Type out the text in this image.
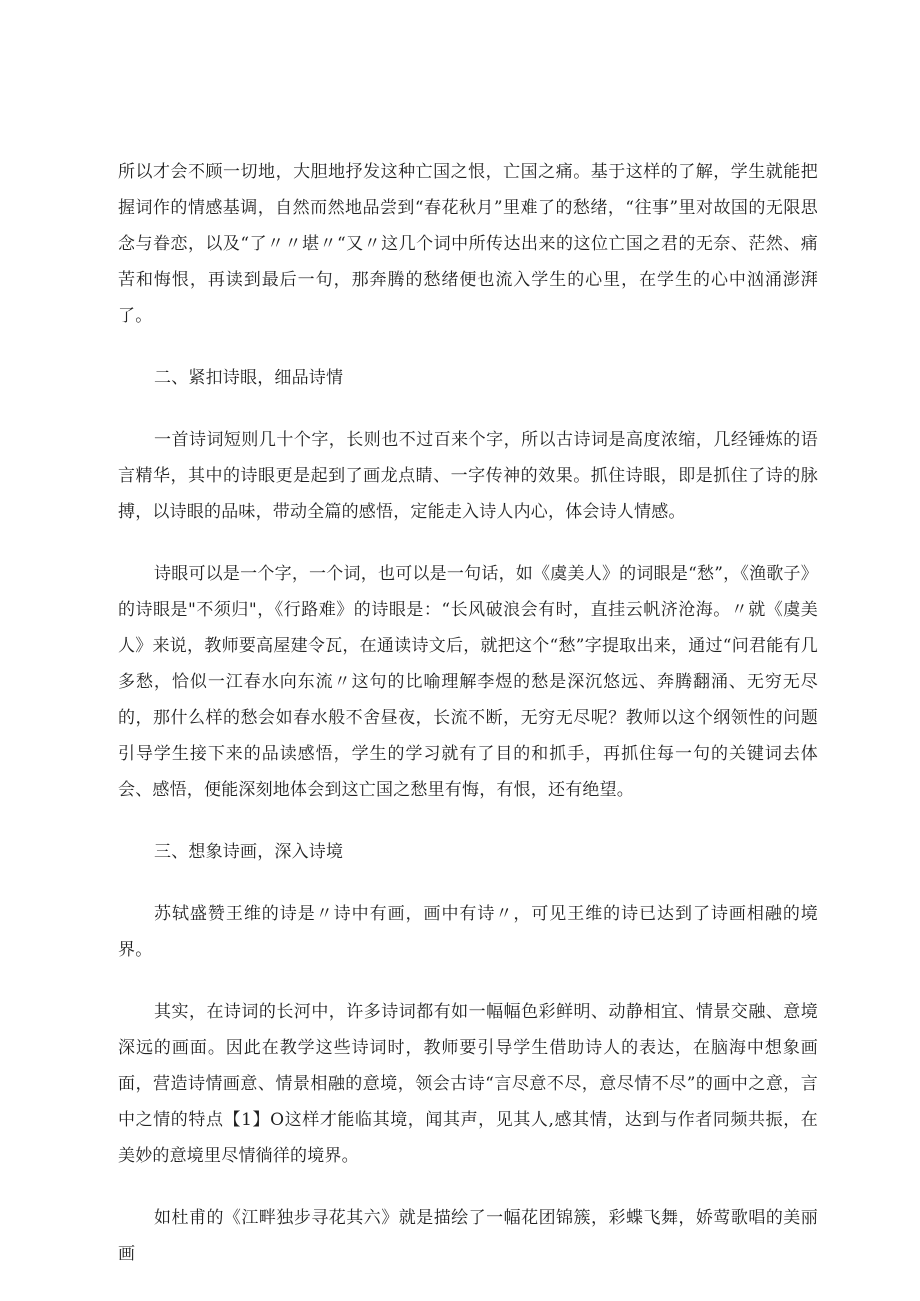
所以才会不顾一切地，大胆地抒发这种亡国之恨，亡国之痛。基于这样的了解，学生就能把握词作的情感基调，自然而然地品尝到“春花秋月”里难了的愁绪，“往事”里对故国的无限思念与眷恋，以及“了〃〃堪〃“又〃这几个词中所传达出来的这位亡国之君的无奈、茫然、痛苦和悔恨，再读到最后一句，那奔腾的愁绪便也流入学生的心里，在学生的心中汹涌澎湃了。

二、紧扣诗眼，细品诗情

一首诗词短则几十个字，长则也不过百来个字，所以古诗词是高度浓缩，几经锤炼的语言精华，其中的诗眼更是起到了画龙点睛、一字传神的效果。抓住诗眼，即是抓住了诗的脉搏，以诗眼的品味，带动全篇的感悟，定能走入诗人内心，体会诗人情感。

诗眼可以是一个字，一个词，也可以是一句话，如《虞美人》的词眼是“愁”，《渔歌子》的诗眼是"不须归"，《行路难》的诗眼是：“长风破浪会有时，直挂云帆济沧海。〃就《虞美人》来说，教师要高屋建令瓦，在通读诗文后，就把这个“愁”字提取出来，通过“问君能有几多愁，恰似一江春水向东流〃这句的比喻理解李煜的愁是深沉悠远、奔腾翻涌、无穷无尽的，那什么样的愁会如春水般不舍昼夜，长流不断，无穷无尽呢？教师以这个纲领性的问题引导学生接下来的品读感悟，学生的学习就有了目的和抓手，再抓住每一句的关键词去体会、感悟，便能深刻地体会到这亡国之愁里有悔，有恨，还有绝望。

三、想象诗画，深入诗境

苏轼盛赞王维的诗是〃诗中有画，画中有诗〃，可见王维的诗已达到了诗画相融的境界。

其实，在诗词的长河中，许多诗词都有如一幅幅色彩鲜明、动静相宜、情景交融、意境深远的画面。因此在教学这些诗词时，教师要引导学生借助诗人的表达，在脑海中想象画面，营造诗情画意、情景相融的意境，领会古诗“言尽意不尽，意尽情不尽”的画中之意，言中之情的特点【1】O这样才能临其境，闻其声，见其人,感其情，达到与作者同频共振，在美妙的意境里尽情徜徉的境界。

如杜甫的《江畔独步寻花其六》就是描绘了一幅花团锦簇，彩蝶飞舞，娇莺歌唱的美丽画
